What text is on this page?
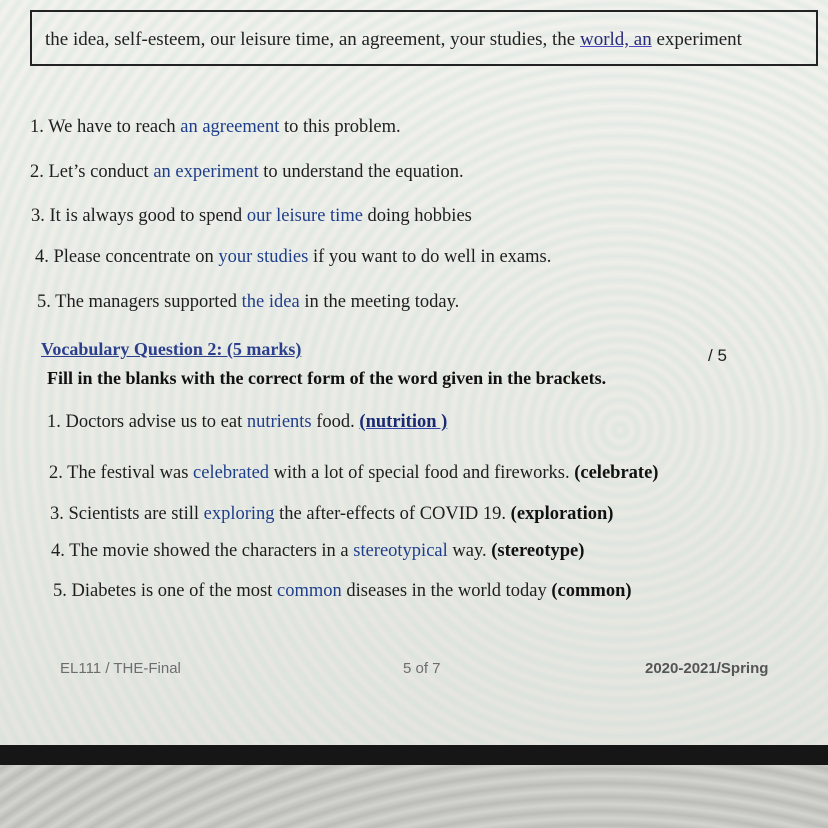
the idea, self-esteem, our leisure time, an agreement, your studies, the world, an experiment
1. We have to reach an agreement to this problem.
2. Let’s conduct an experiment to understand the equation.
3. It is always good to spend our leisure time doing hobbies
4. Please concentrate on your studies if you want to do well in exams.
5. The managers supported the idea in the meeting today.
Vocabulary Question 2: (5 marks)	/ 5
Fill in the blanks with the correct form of the word given in the brackets.
1. Doctors advise us to eat nutrients food. (nutrition )
2. The festival was celebrated with a lot of special food and fireworks. (celebrate)
3. Scientists are still exploring the after-effects of COVID 19. (exploration)
4. The movie showed the characters in a stereotypical way. (stereotype)
5. Diabetes is one of the most common diseases in the world today (common)
EL111 / THE-Final	5 of 7	2020-2021/Spring
